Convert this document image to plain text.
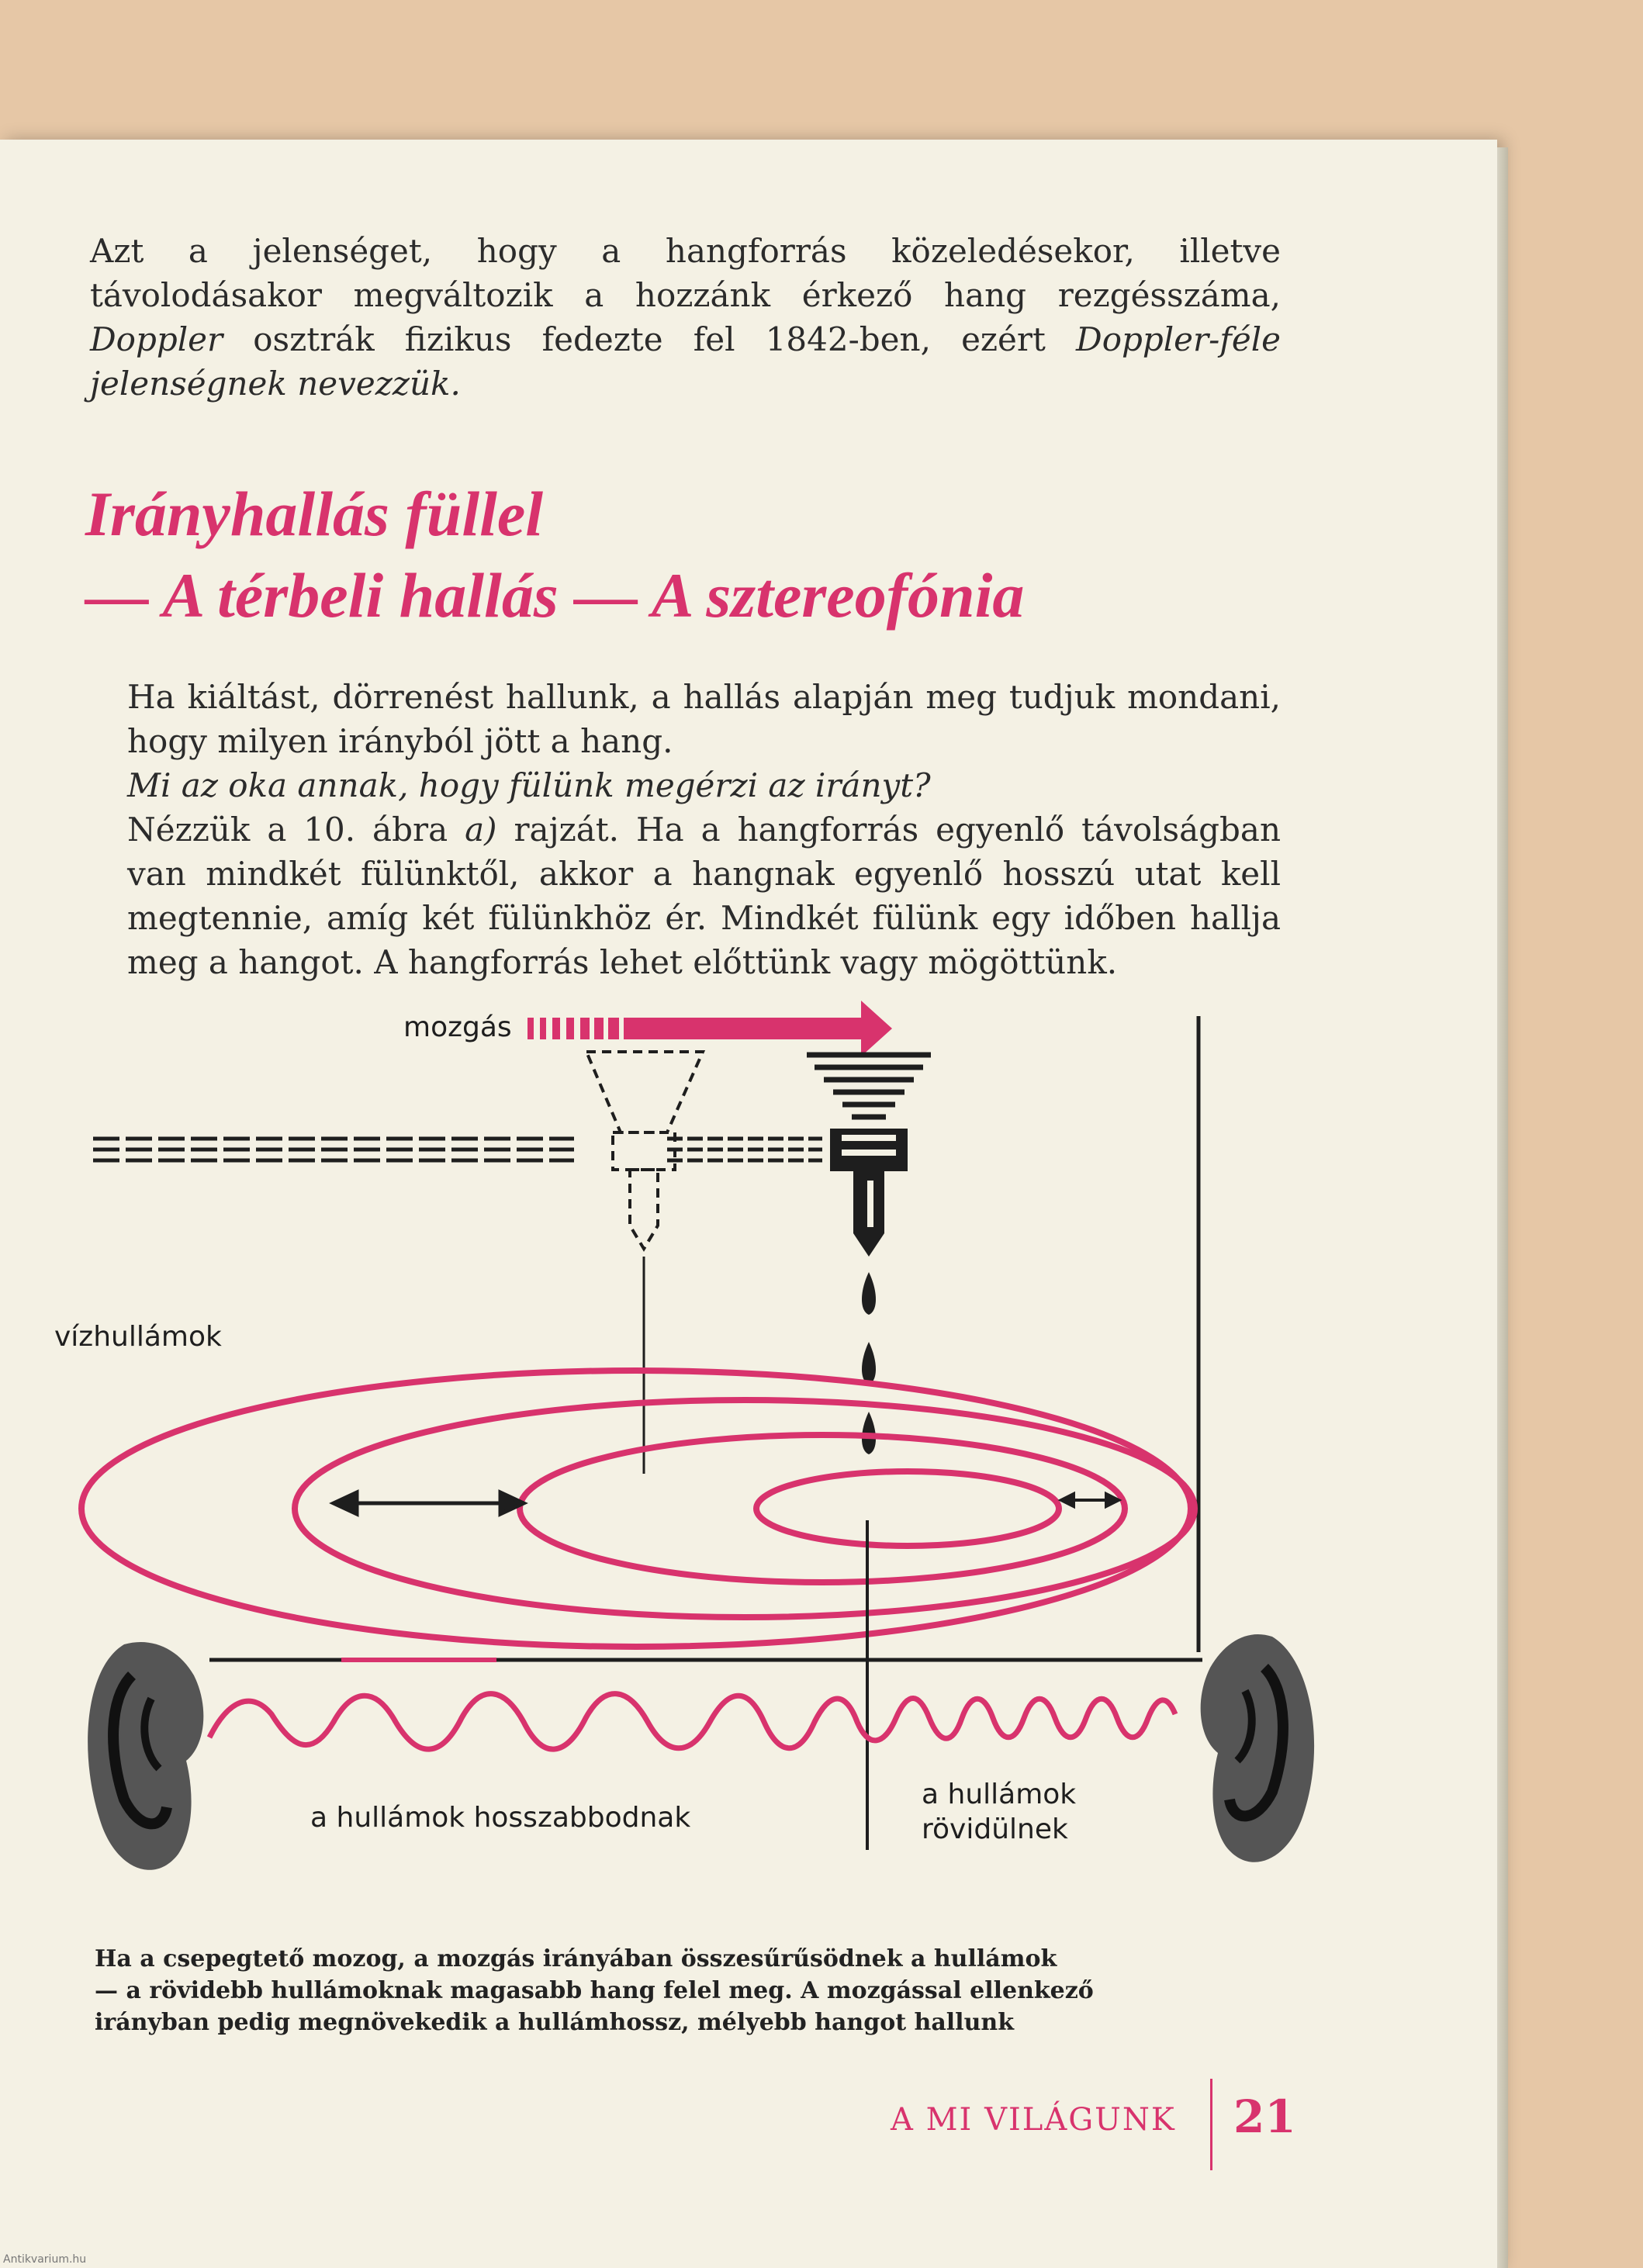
Azt a jelenséget, hogy a hangforrás közeledésekor, illetve távolodásakor megváltozik a hozzánk érkező hang rezgésszáma, Doppler osztrák fizikus fedezte fel 1842-ben, ezért Doppler-féle jelenségnek nevezzük.
Irányhallás füllel
— A térbeli hallás — A sztereofónia
Ha kiáltást, dörrenést hallunk, a hallás alapján meg tudjuk mondani, hogy milyen irányból jött a hang.
Mi az oka annak, hogy fülünk megérzi az irányt?
Nézzük a 10. ábra a) rajzát. Ha a hangforrás egyenlő távolságban van mindkét fülünktől, akkor a hangnak egyenlő hosszú utat kell megtennie, amíg két fülünkhöz ér. Mindkét fülünk egy időben hallja meg a hangot. A hangforrás lehet előttünk vagy mögöttünk.
mozgás
vízhullámok
a hullámok hosszabbodnak
a hullámok
rövidülnek
Ha a csepegtető mozog, a mozgás irányában összesűrűsödnek a hullámok
— a rövidebb hullámoknak magasabb hang felel meg. A mozgással ellenkező
irányban pedig megnövekedik a hullámhossz, mélyebb hangot hallunk
A MI VILÁGUNK 21
Antikvarium.hu
